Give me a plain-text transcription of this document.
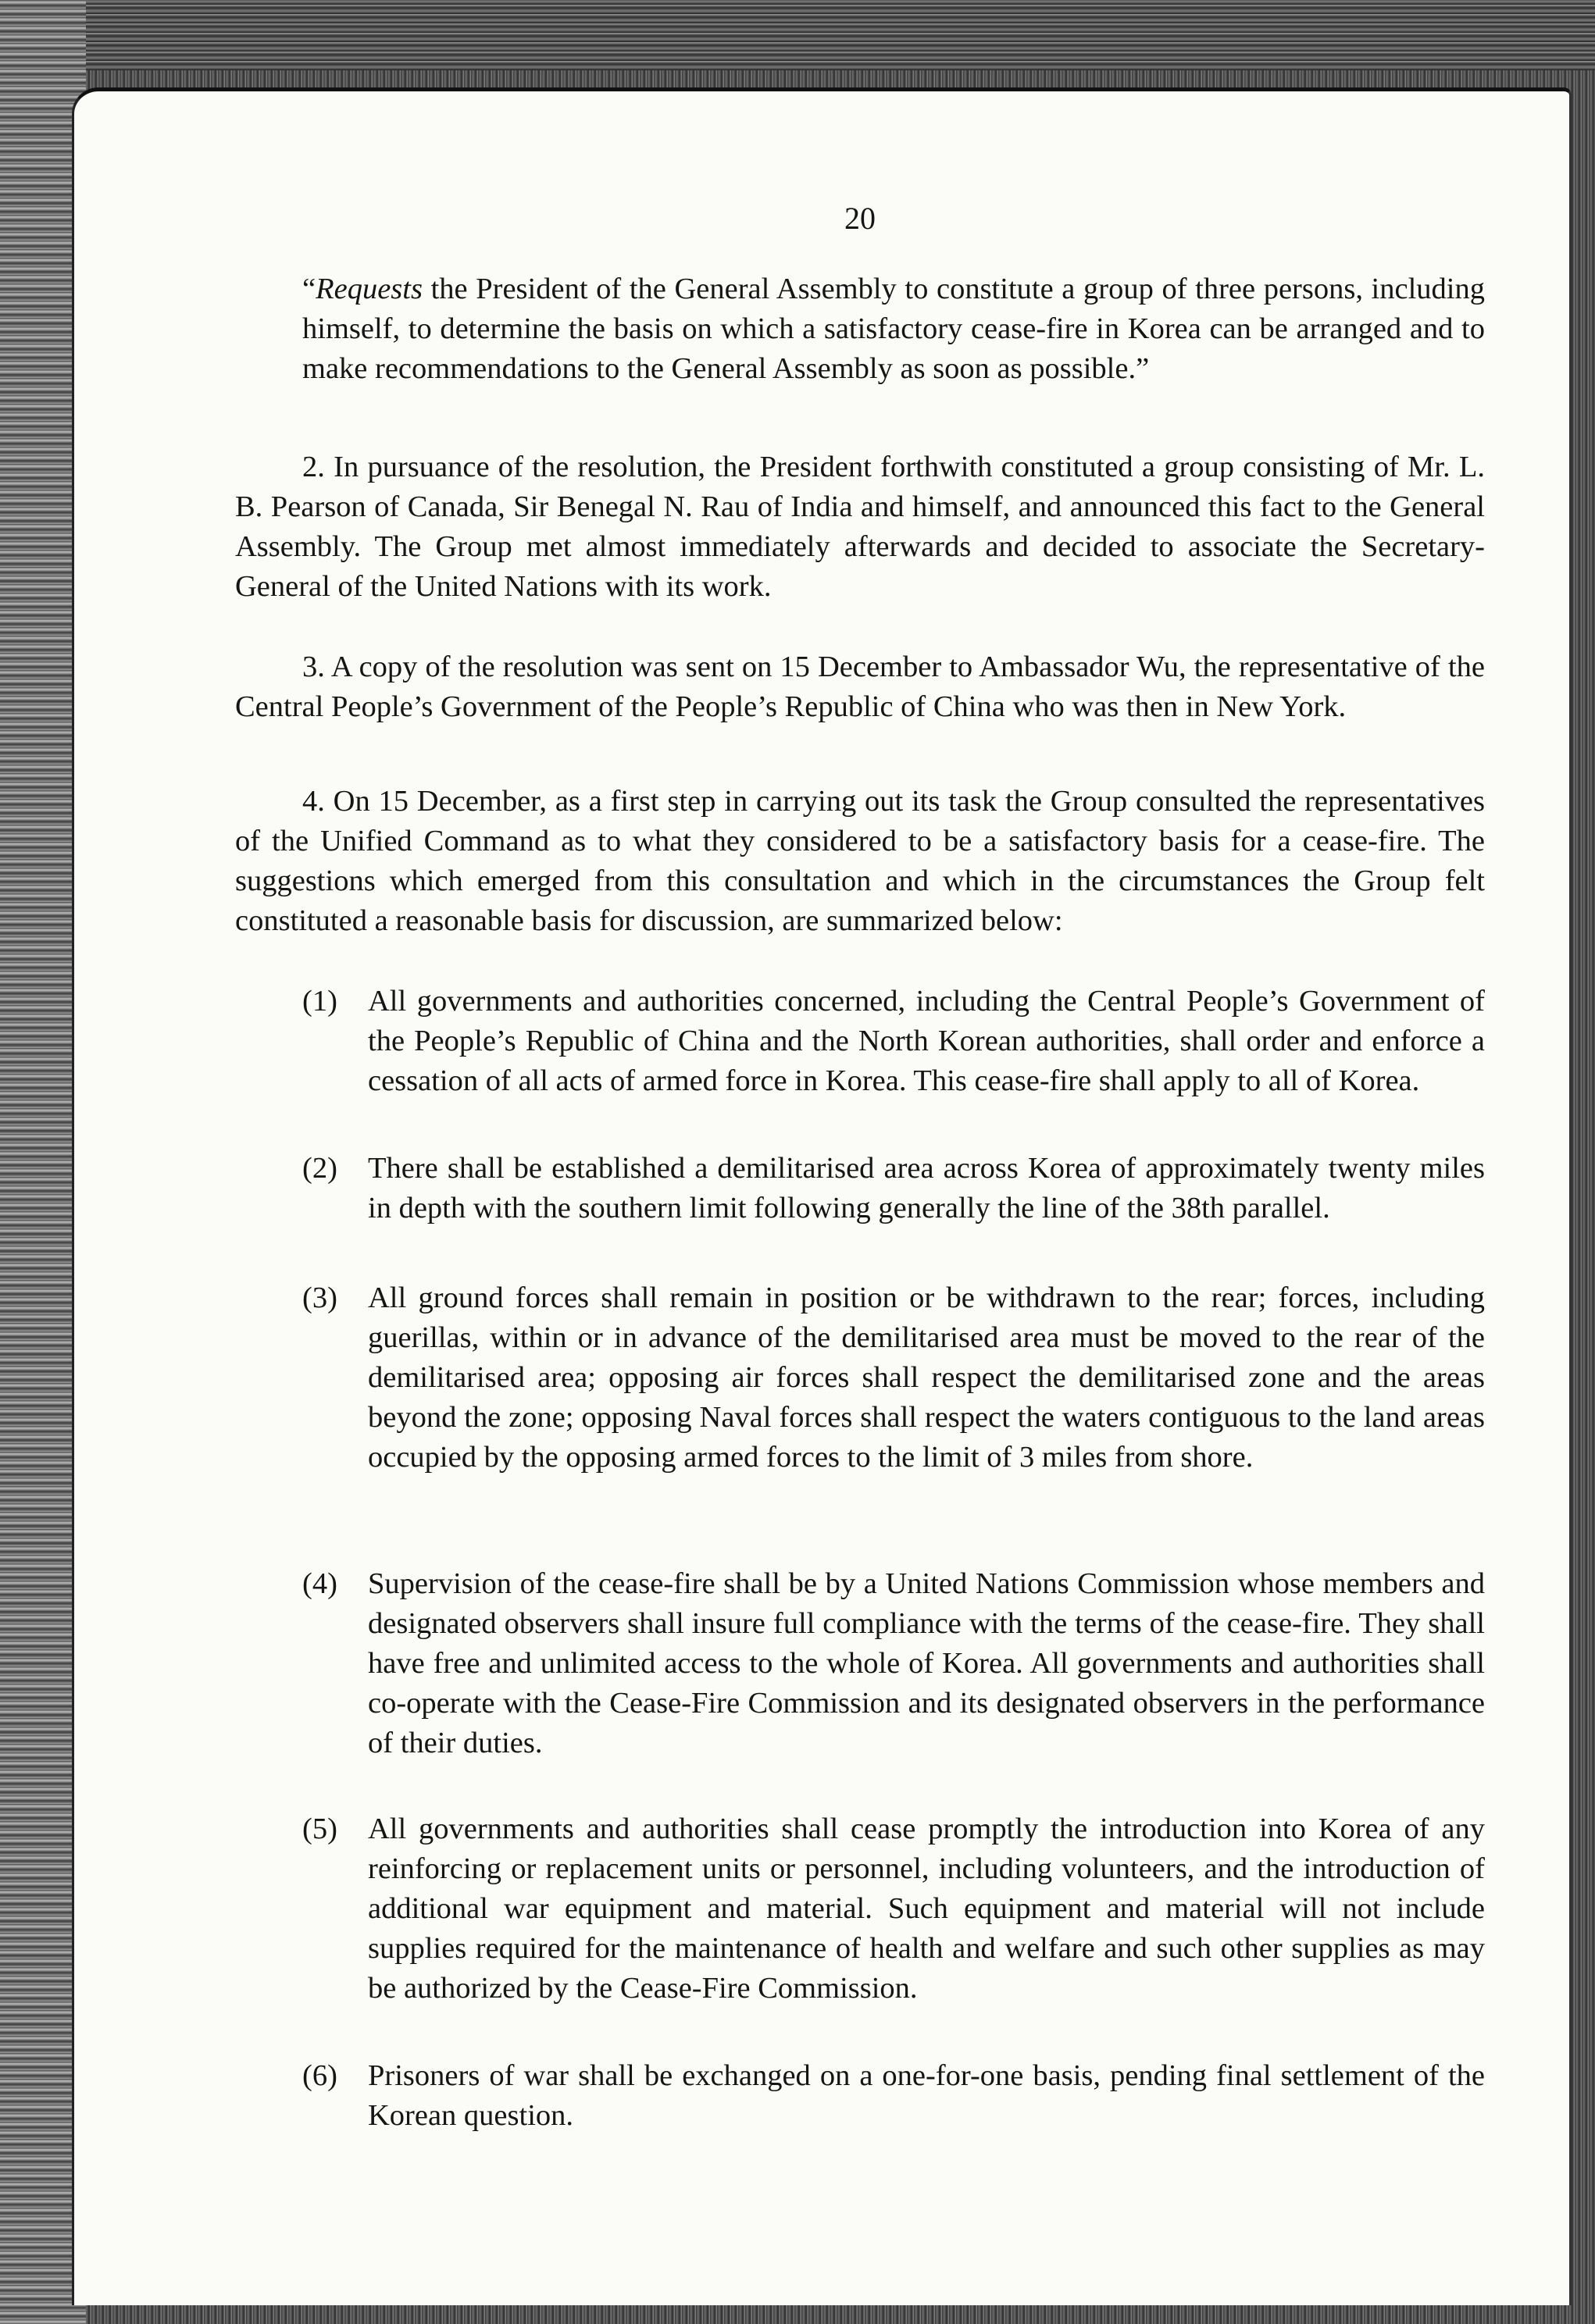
20

“Requests the President of the General Assembly to constitute a group of three persons, including himself, to determine the basis on which a satisfactory cease-fire in Korea can be arranged and to make recommendations to the General Assembly as soon as possible.”

2. In pursuance of the resolution, the President forthwith constituted a group consisting of Mr. L. B. Pearson of Canada, Sir Benegal N. Rau of India and himself, and announced this fact to the General Assembly. The Group met almost immediately afterwards and decided to associate the Secretary-General of the United Nations with its work.

3. A copy of the resolution was sent on 15 December to Ambassador Wu, the representative of the Central People’s Government of the People’s Republic of China who was then in New York.

4. On 15 December, as a first step in carrying out its task the Group consulted the representatives of the Unified Command as to what they considered to be a satisfactory basis for a cease-fire. The suggestions which emerged from this consultation and which in the circumstances the Group felt constituted a reasonable basis for discussion, are summarized below:

(1)	All governments and authorities concerned, including the Central People’s Government of the People’s Republic of China and the North Korean authorities, shall order and enforce a cessation of all acts of armed force in Korea. This cease-fire shall apply to all of Korea.
(2)	There shall be established a demilitarised area across Korea of approximately twenty miles in depth with the southern limit following generally the line of the 38th parallel.
(3)	All ground forces shall remain in position or be withdrawn to the rear; forces, including guerillas, within or in advance of the demilitarised area must be moved to the rear of the demilitarised area; opposing air forces shall respect the demilitarised zone and the areas beyond the zone; opposing Naval forces shall respect the waters contiguous to the land areas occupied by the opposing armed forces to the limit of 3 miles from shore.
(4)	Supervision of the cease-fire shall be by a United Nations Commission whose members and designated observers shall insure full compliance with the terms of the cease-fire. They shall have free and unlimited access to the whole of Korea. All governments and authorities shall co-operate with the Cease-Fire Commission and its designated observers in the performance of their duties.
(5)	All governments and authorities shall cease promptly the introduction into Korea of any reinforcing or replacement units or personnel, including volunteers, and the introduction of additional war equipment and material. Such equipment and material will not include supplies required for the maintenance of health and welfare and such other supplies as may be authorized by the Cease-Fire Commission.
(6)	Prisoners of war shall be exchanged on a one-for-one basis, pending final settlement of the Korean question.
